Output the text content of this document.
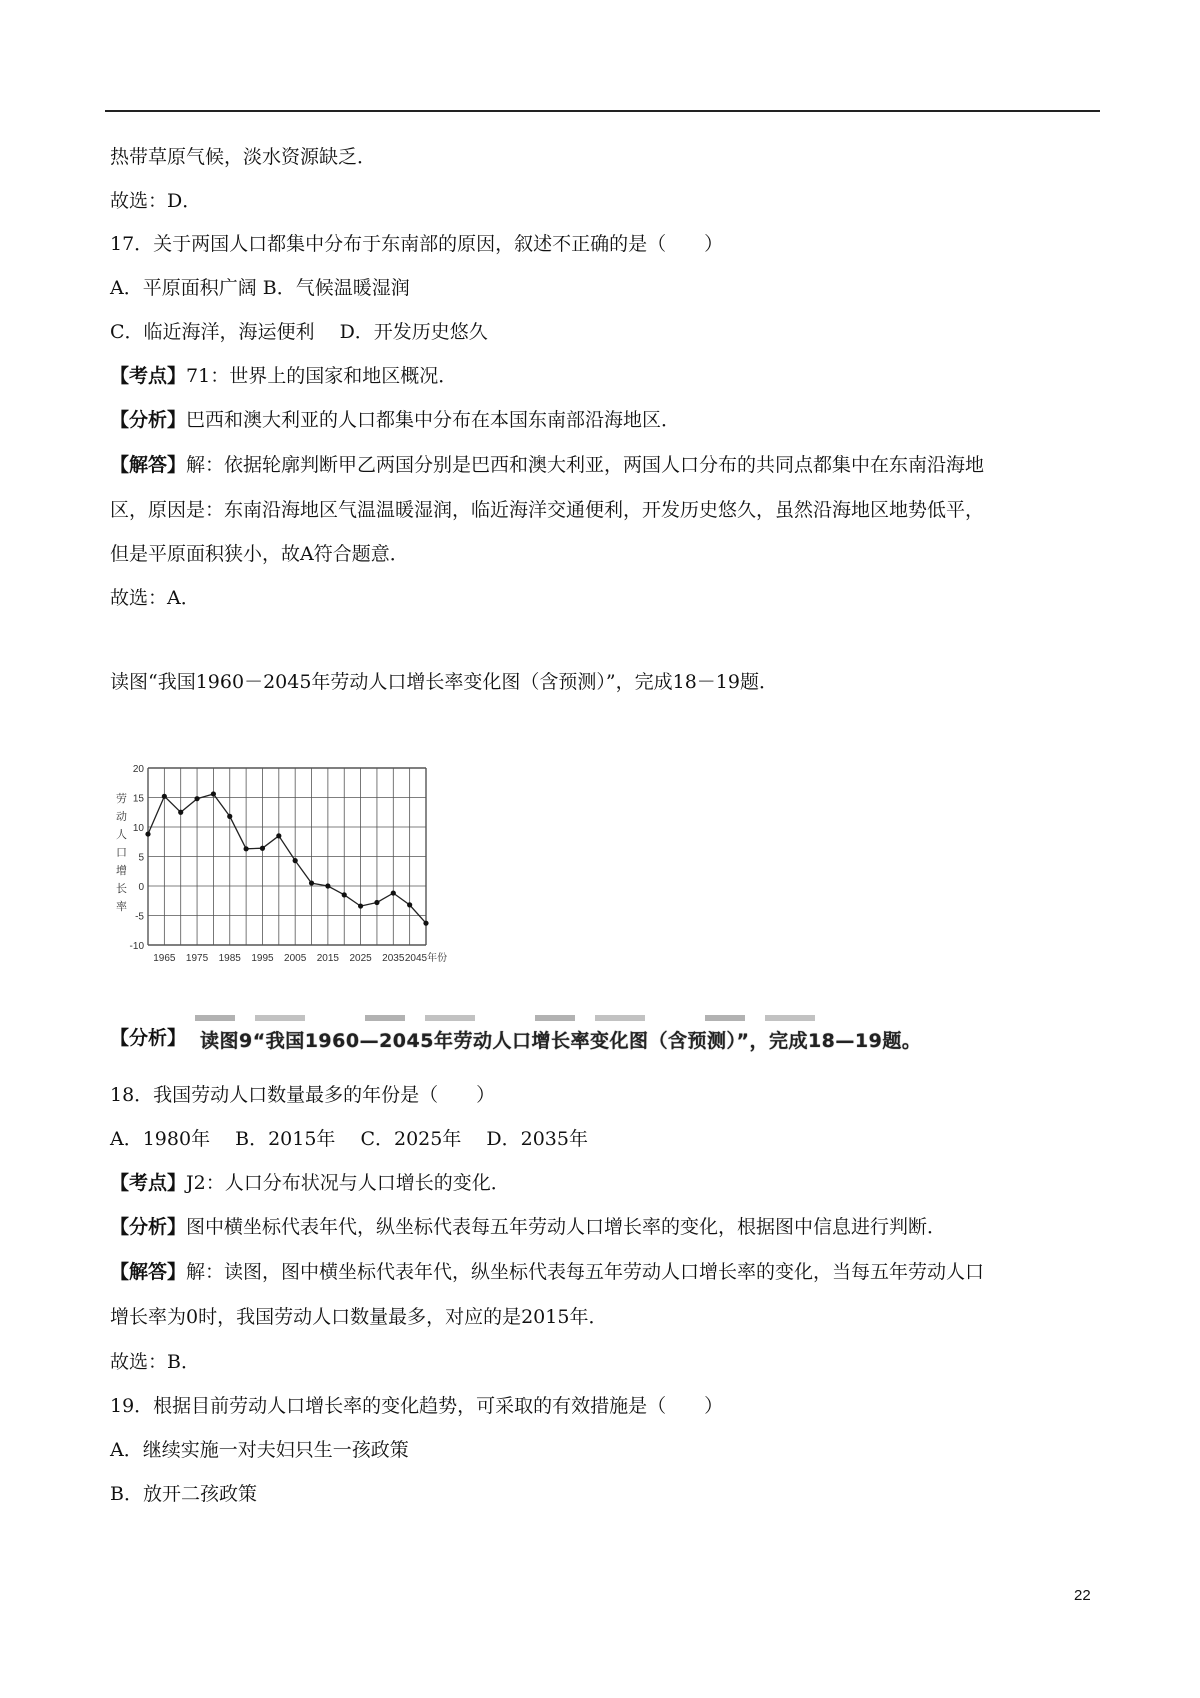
热带草原气候，淡水资源缺乏．
故选：D．
17．关于两国人口都集中分布于东南部的原因，叙述不正确的是（　　）
A．平原面积广阔 B．气候温暖湿润
C．临近海洋，海运便利　 D．开发历史悠久
【考点】71：世界上的国家和地区概况．
【分析】巴西和澳大利亚的人口都集中分布在本国东南部沿海地区．
【解答】解：依据轮廓判断甲乙两国分别是巴西和澳大利亚，两国人口分布的共同点都集中在东南沿海地
区，原因是：东南沿海地区气温温暖湿润，临近海洋交通便利，开发历史悠久，虽然沿海地区地势低平，
但是平原面积狭小，故A符合题意．
故选：A．
读图“我国1960－2045年劳动人口增长率变化图（含预测）”，完成18－19题．
20
15
10
5
0
-5
-10
1965 1975 1985 1995 2005 2015 2025 2035 2045年份
劳
动
人
口
增
长
率
【分析】 读图9“我国1960—2045年劳动人口增长率变化图（含预测）”，完成18—19题。
18．我国劳动人口数量最多的年份是（　　）
A．1980年　 B．2015年　 C．2025年　 D．2035年
【考点】J2：人口分布状况与人口增长的变化．
【分析】图中横坐标代表年代，纵坐标代表每五年劳动人口增长率的变化，根据图中信息进行判断．
【解答】解：读图，图中横坐标代表年代，纵坐标代表每五年劳动人口增长率的变化，当每五年劳动人口
增长率为0时，我国劳动人口数量最多，对应的是2015年．
故选：B．
19．根据目前劳动人口增长率的变化趋势，可采取的有效措施是（　　）
A．继续实施一对夫妇只生一孩政策
B．放开二孩政策
22
